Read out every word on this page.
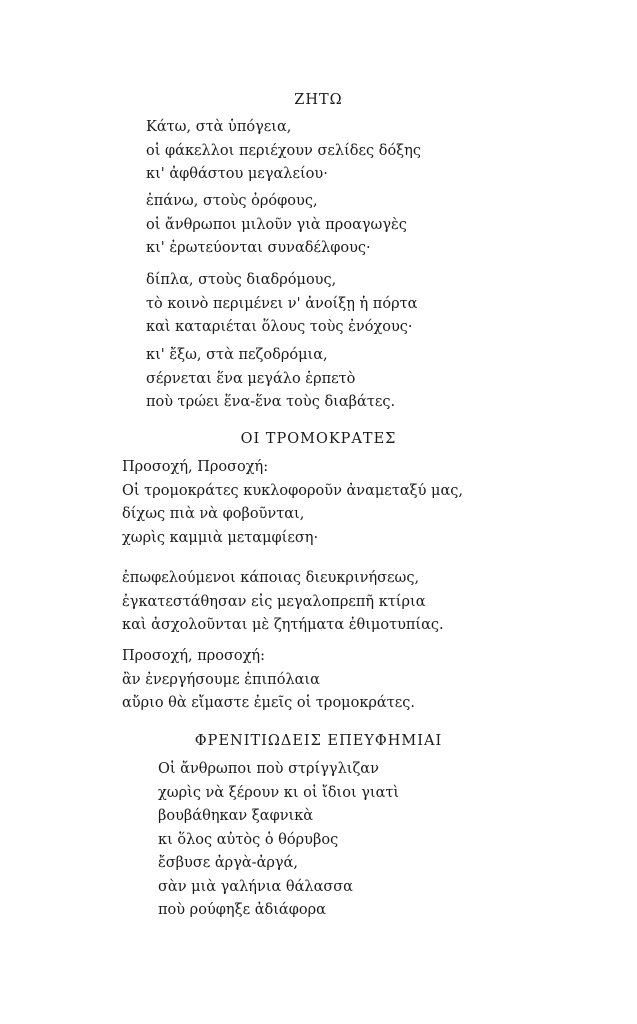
ΖΗΤΩ
Κάτω, στὰ ὑπόγεια,
οἱ φάκελλοι περιέχουν σελίδες δόξης
κι' ἀφθάστου μεγαλείου·
ἐπάνω, στοὺς ὀρόφους,
οἱ ἄνθρωποι μιλοῦν γιὰ προαγωγὲς
κι' ἐρωτεύονται συναδέλφους·
δίπλα, στοὺς διαδρόμους,
τὸ κοινὸ περιμένει ν' ἀνοίξῃ ἡ πόρτα
καὶ καταριέται ὅλους τοὺς ἐνόχους·
κι' ἔξω, στὰ πεζοδρόμια,
σέρνεται ἕνα μεγάλο ἑρπετὸ
ποὺ τρώει ἕνα-ἕνα τοὺς διαβάτες.
ΟΙ ΤΡΟΜΟΚΡΑΤΕΣ
Προσοχή, Προσοχή:
Οἱ τρομοκράτες κυκλοφοροῦν ἀναμεταξύ μας,
δίχως πιὰ νὰ φοβοῦνται,
χωρὶς καμμιὰ μεταμφίεση·
ἐπωφελούμενοι κάποιας διευκρινήσεως,
ἐγκατεστάθησαν εἰς μεγαλοπρεπῆ κτίρια
καὶ ἀσχολοῦνται μὲ ζητήματα ἐθιμοτυπίας.
Προσοχή, προσοχή:
ἂν ἐνεργήσουμε ἐπιπόλαια
αὔριο θὰ εἴμαστε ἐμεῖς οἱ τρομοκράτες.
ΦΡΕΝΙΤΙΩΔΕΙΣ ΕΠΕΥΦΗΜΙΑΙ
Οἱ ἄνθρωποι ποὺ στρίγγλιζαν
χωρὶς νὰ ξέρουν κι οἱ ἴδιοι γιατὶ
βουβάθηκαν ξαφνικὰ
κι ὅλος αὐτὸς ὁ θόρυβος
ἔσβυσε ἀργὰ-ἀργά,
σὰν μιὰ γαλήνια θάλασσα
ποὺ ρούφηξε ἀδιάφορα
